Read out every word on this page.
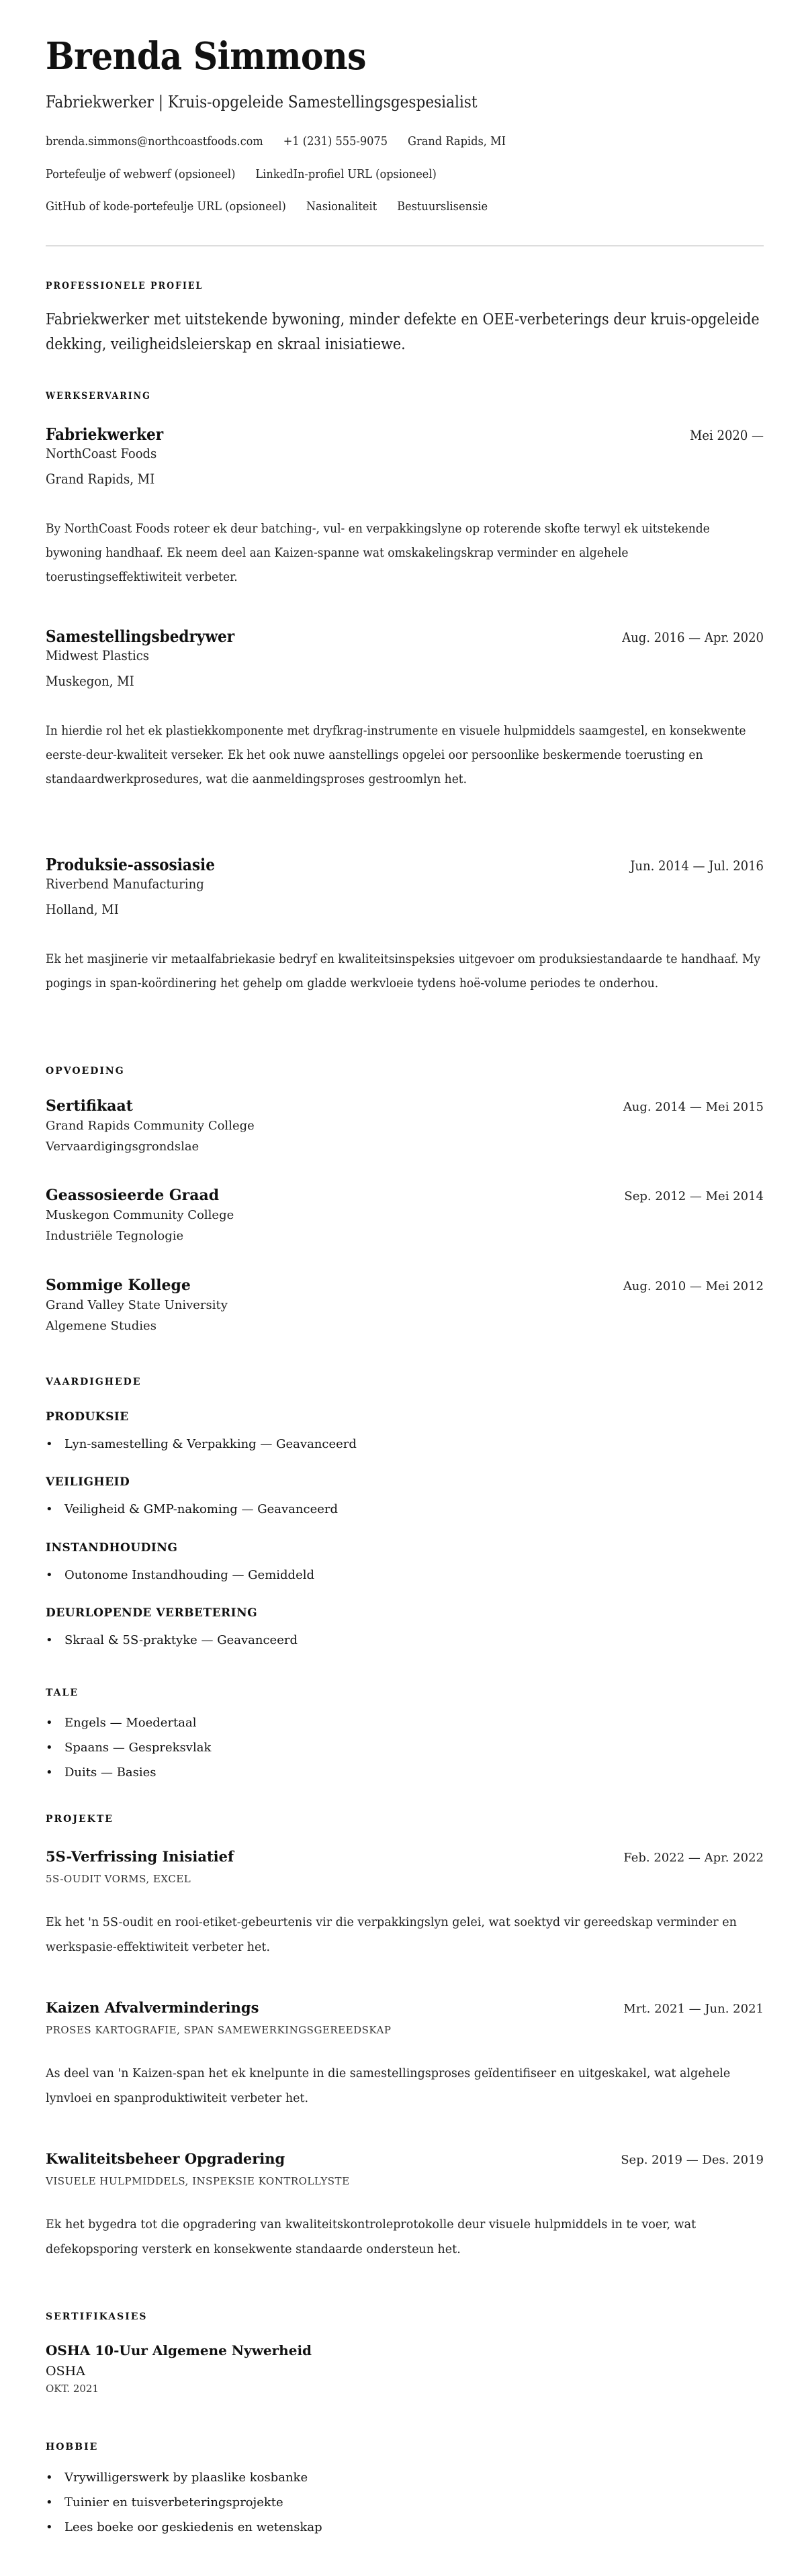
Brenda Simmons
Fabriekwerker | Kruis-opgeleide Samestellingsgespesialist
brenda.simmons@northcoastfoods.com +1 (231) 555-9075 Grand Rapids, MI
Portefeulje of webwerf (opsioneel) LinkedIn-profiel URL (opsioneel)
GitHub of kode-portefeulje URL (opsioneel) Nasionaliteit Bestuurslisensie
PROFESSIONELE PROFIEL
Fabriekwerker met uitstekende bywoning, minder defekte en OEE-verbeterings deur kruis-opgeleide dekking, veiligheidsleierskap en skraal inisiatiewe.
WERKSERVARING
Fabriekwerker	Mei 2020 —
NorthCoast Foods
Grand Rapids, MI
By NorthCoast Foods roteer ek deur batching-, vul- en verpakkingslyne op roterende skofte terwyl ek uitstekende bywoning handhaaf. Ek neem deel aan Kaizen-spanne wat omskakelingskrap verminder en algehele toerustingseffektiwiteit verbeter.
Samestellingsbedrywer	Aug. 2016 — Apr. 2020
Midwest Plastics
Muskegon, MI
In hierdie rol het ek plastiekkomponente met dryfkrag-instrumente en visuele hulpmiddels saamgestel, en konsekwente eerste-deur-kwaliteit verseker. Ek het ook nuwe aanstellings opgelei oor persoonlike beskermende toerusting en standaardwerkprosedures, wat die aanmeldingsproses gestroomlyn het.
Produksie-assosiasie	Jun. 2014 — Jul. 2016
Riverbend Manufacturing
Holland, MI
Ek het masjinerie vir metaalfabriekasie bedryf en kwaliteitsinspeksies uitgevoer om produksiestandaarde te handhaaf. My pogings in span-koördinering het gehelp om gladde werkvloeie tydens hoë-volume periodes te onderhou.
OPVOEDING
Sertifikaat	Aug. 2014 — Mei 2015
Grand Rapids Community College
Vervaardigingsgrondslae
Geassosieerde Graad	Sep. 2012 — Mei 2014
Muskegon Community College
Industriële Tegnologie
Sommige Kollege	Aug. 2010 — Mei 2012
Grand Valley State University
Algemene Studies
VAARDIGHEDE
PRODUKSIE
• Lyn-samestelling & Verpakking — Geavanceerd
VEILIGHEID
• Veiligheid & GMP-nakoming — Geavanceerd
INSTANDHOUDING
• Outonome Instandhouding — Gemiddeld
DEURLOPENDE VERBETERING
• Skraal & 5S-praktyke — Geavanceerd
TALE
• Engels — Moedertaal
• Spaans — Gespreksvlak
• Duits — Basies
PROJEKTE
5S-Verfrissing Inisiatief	Feb. 2022 — Apr. 2022
5S-OUDIT VORMS, EXCEL
Ek het 'n 5S-oudit en rooi-etiket-gebeurtenis vir die verpakkingslyn gelei, wat soektyd vir gereedskap verminder en werkspasie-effektiwiteit verbeter het.
Kaizen Afvalverminderings	Mrt. 2021 — Jun. 2021
PROSES KARTOGRAFIE, SPAN SAMEWERKINGSGEREEDSKAP
As deel van 'n Kaizen-span het ek knelpunte in die samestellingsproses geïdentifiseer en uitgeskakel, wat algehele lynvloei en spanproduktiwiteit verbeter het.
Kwaliteitsbeheer Opgradering	Sep. 2019 — Des. 2019
VISUELE HULPMIDDELS, INSPEKSIE KONTROLLYSTE
Ek het bygedra tot die opgradering van kwaliteitskontroleprotokolle deur visuele hulpmiddels in te voer, wat defekopsporing versterk en konsekwente standaarde ondersteun het.
SERTIFIKASIES
OSHA 10-Uur Algemene Nywerheid
OSHA
OKT. 2021
HOBBIE
• Vrywilligerswerk by plaaslike kosbanke
• Tuinier en tuisverbeteringsprojekte
• Lees boeke oor geskiedenis en wetenskap
